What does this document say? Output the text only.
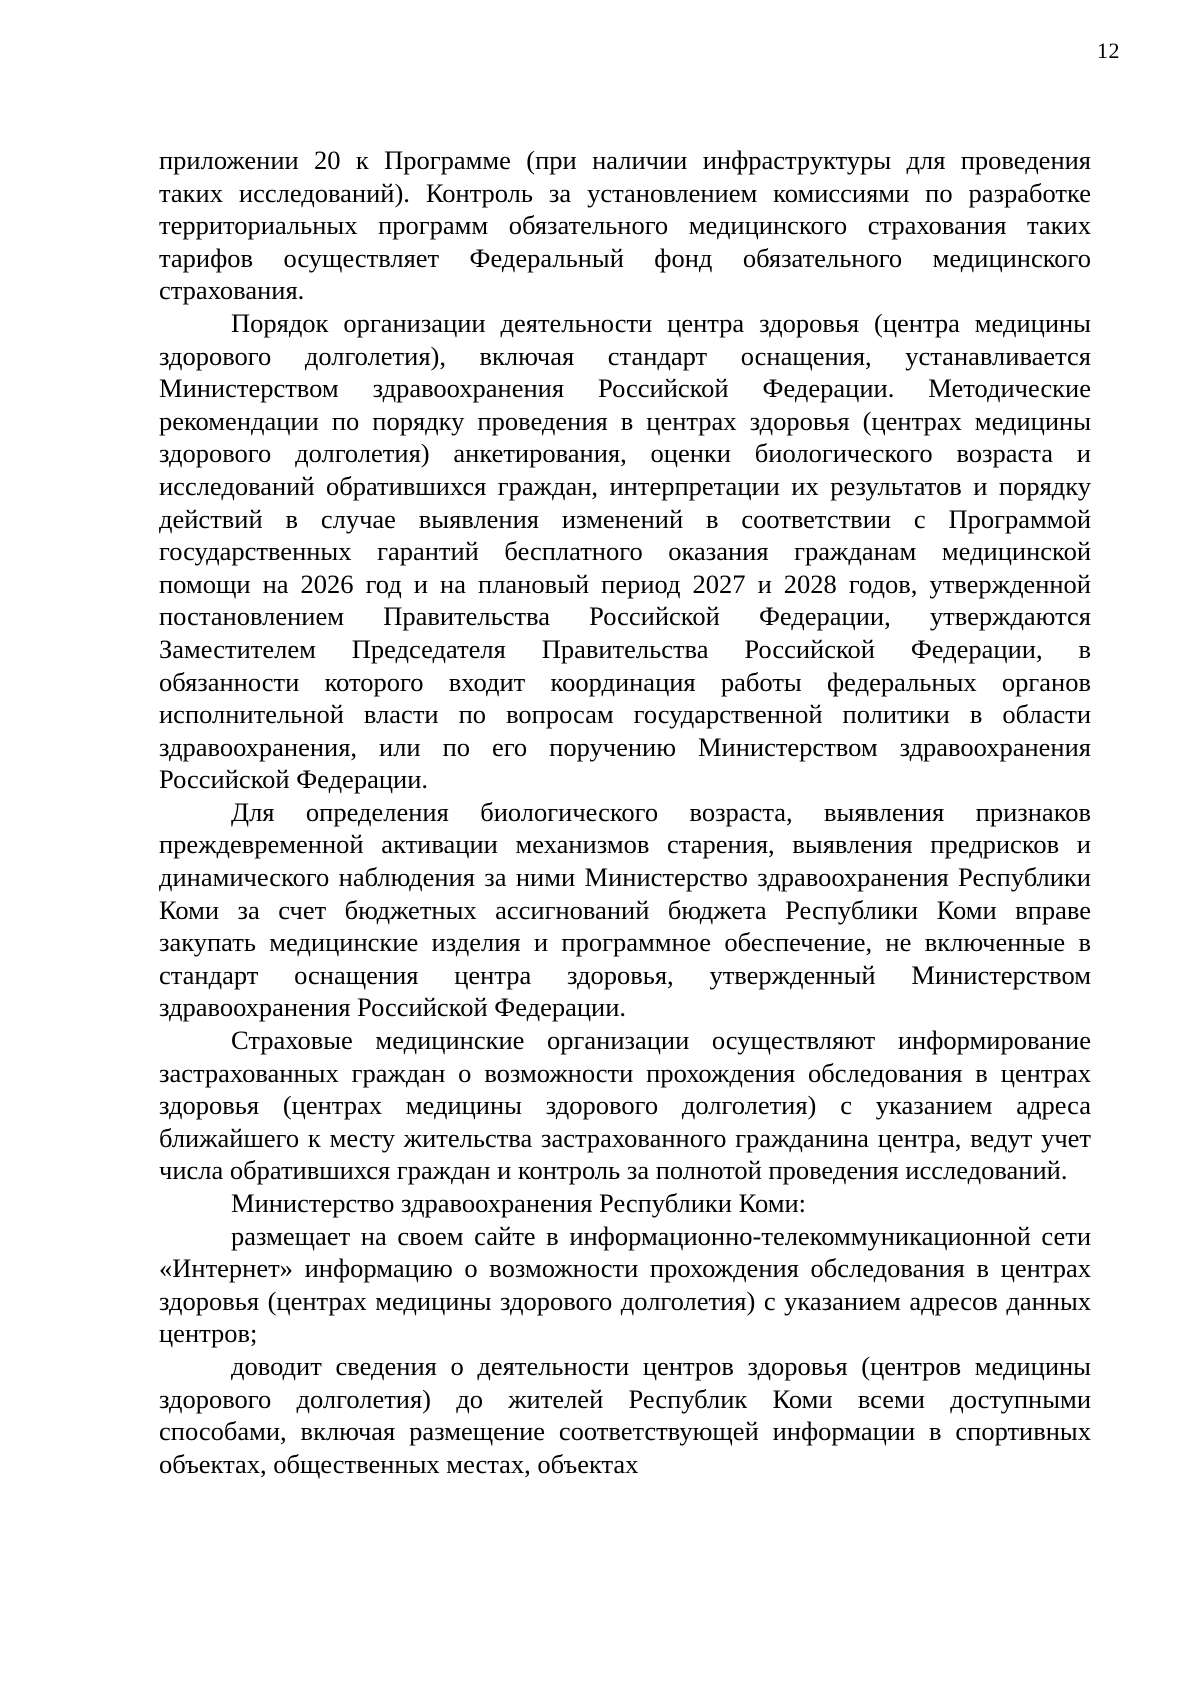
12

приложении 20 к Программе (при наличии инфраструктуры для проведения таких исследований). Контроль за установлением комиссиями по разработке территориальных программ обязательного медицинского страхования таких тарифов осуществляет Федеральный фонд обязательного медицинского страхования.

Порядок организации деятельности центра здоровья (центра медицины здорового долголетия), включая стандарт оснащения, устанавливается Министерством здравоохранения Российской Федерации. Методические рекомендации по порядку проведения в центрах здоровья (центрах медицины здорового долголетия) анкетирования, оценки биологического возраста и исследований обратившихся граждан, интерпретации их результатов и порядку действий в случае выявления изменений в соответствии с Программой государственных гарантий бесплатного оказания гражданам медицинской помощи на 2026 год и на плановый период 2027 и 2028 годов, утвержденной постановлением Правительства Российской Федерации, утверждаются Заместителем Председателя Правительства Российской Федерации, в обязанности которого входит координация работы федеральных органов исполнительной власти по вопросам государственной политики в области здравоохранения, или по его поручению Министерством здравоохранения Российской Федерации.

Для определения биологического возраста, выявления признаков преждевременной активации механизмов старения, выявления предрисков и динамического наблюдения за ними Министерство здравоохранения Республики Коми за счет бюджетных ассигнований бюджета Республики Коми вправе закупать медицинские изделия и программное обеспечение, не включенные в стандарт оснащения центра здоровья, утвержденный Министерством здравоохранения Российской Федерации.

Страховые медицинские организации осуществляют информирование застрахованных граждан о возможности прохождения обследования в центрах здоровья (центрах медицины здорового долголетия) с указанием адреса ближайшего к месту жительства застрахованного гражданина центра, ведут учет числа обратившихся граждан и контроль за полнотой проведения исследований.

Министерство здравоохранения Республики Коми:

размещает на своем сайте в информационно-телекоммуникационной сети «Интернет» информацию о возможности прохождения обследования в центрах здоровья (центрах медицины здорового долголетия) с указанием адресов данных центров;

доводит сведения о деятельности центров здоровья (центров медицины здорового долголетия) до жителей Республик Коми всеми доступными способами, включая размещение соответствующей информации в спортивных объектах, общественных местах, объектах
